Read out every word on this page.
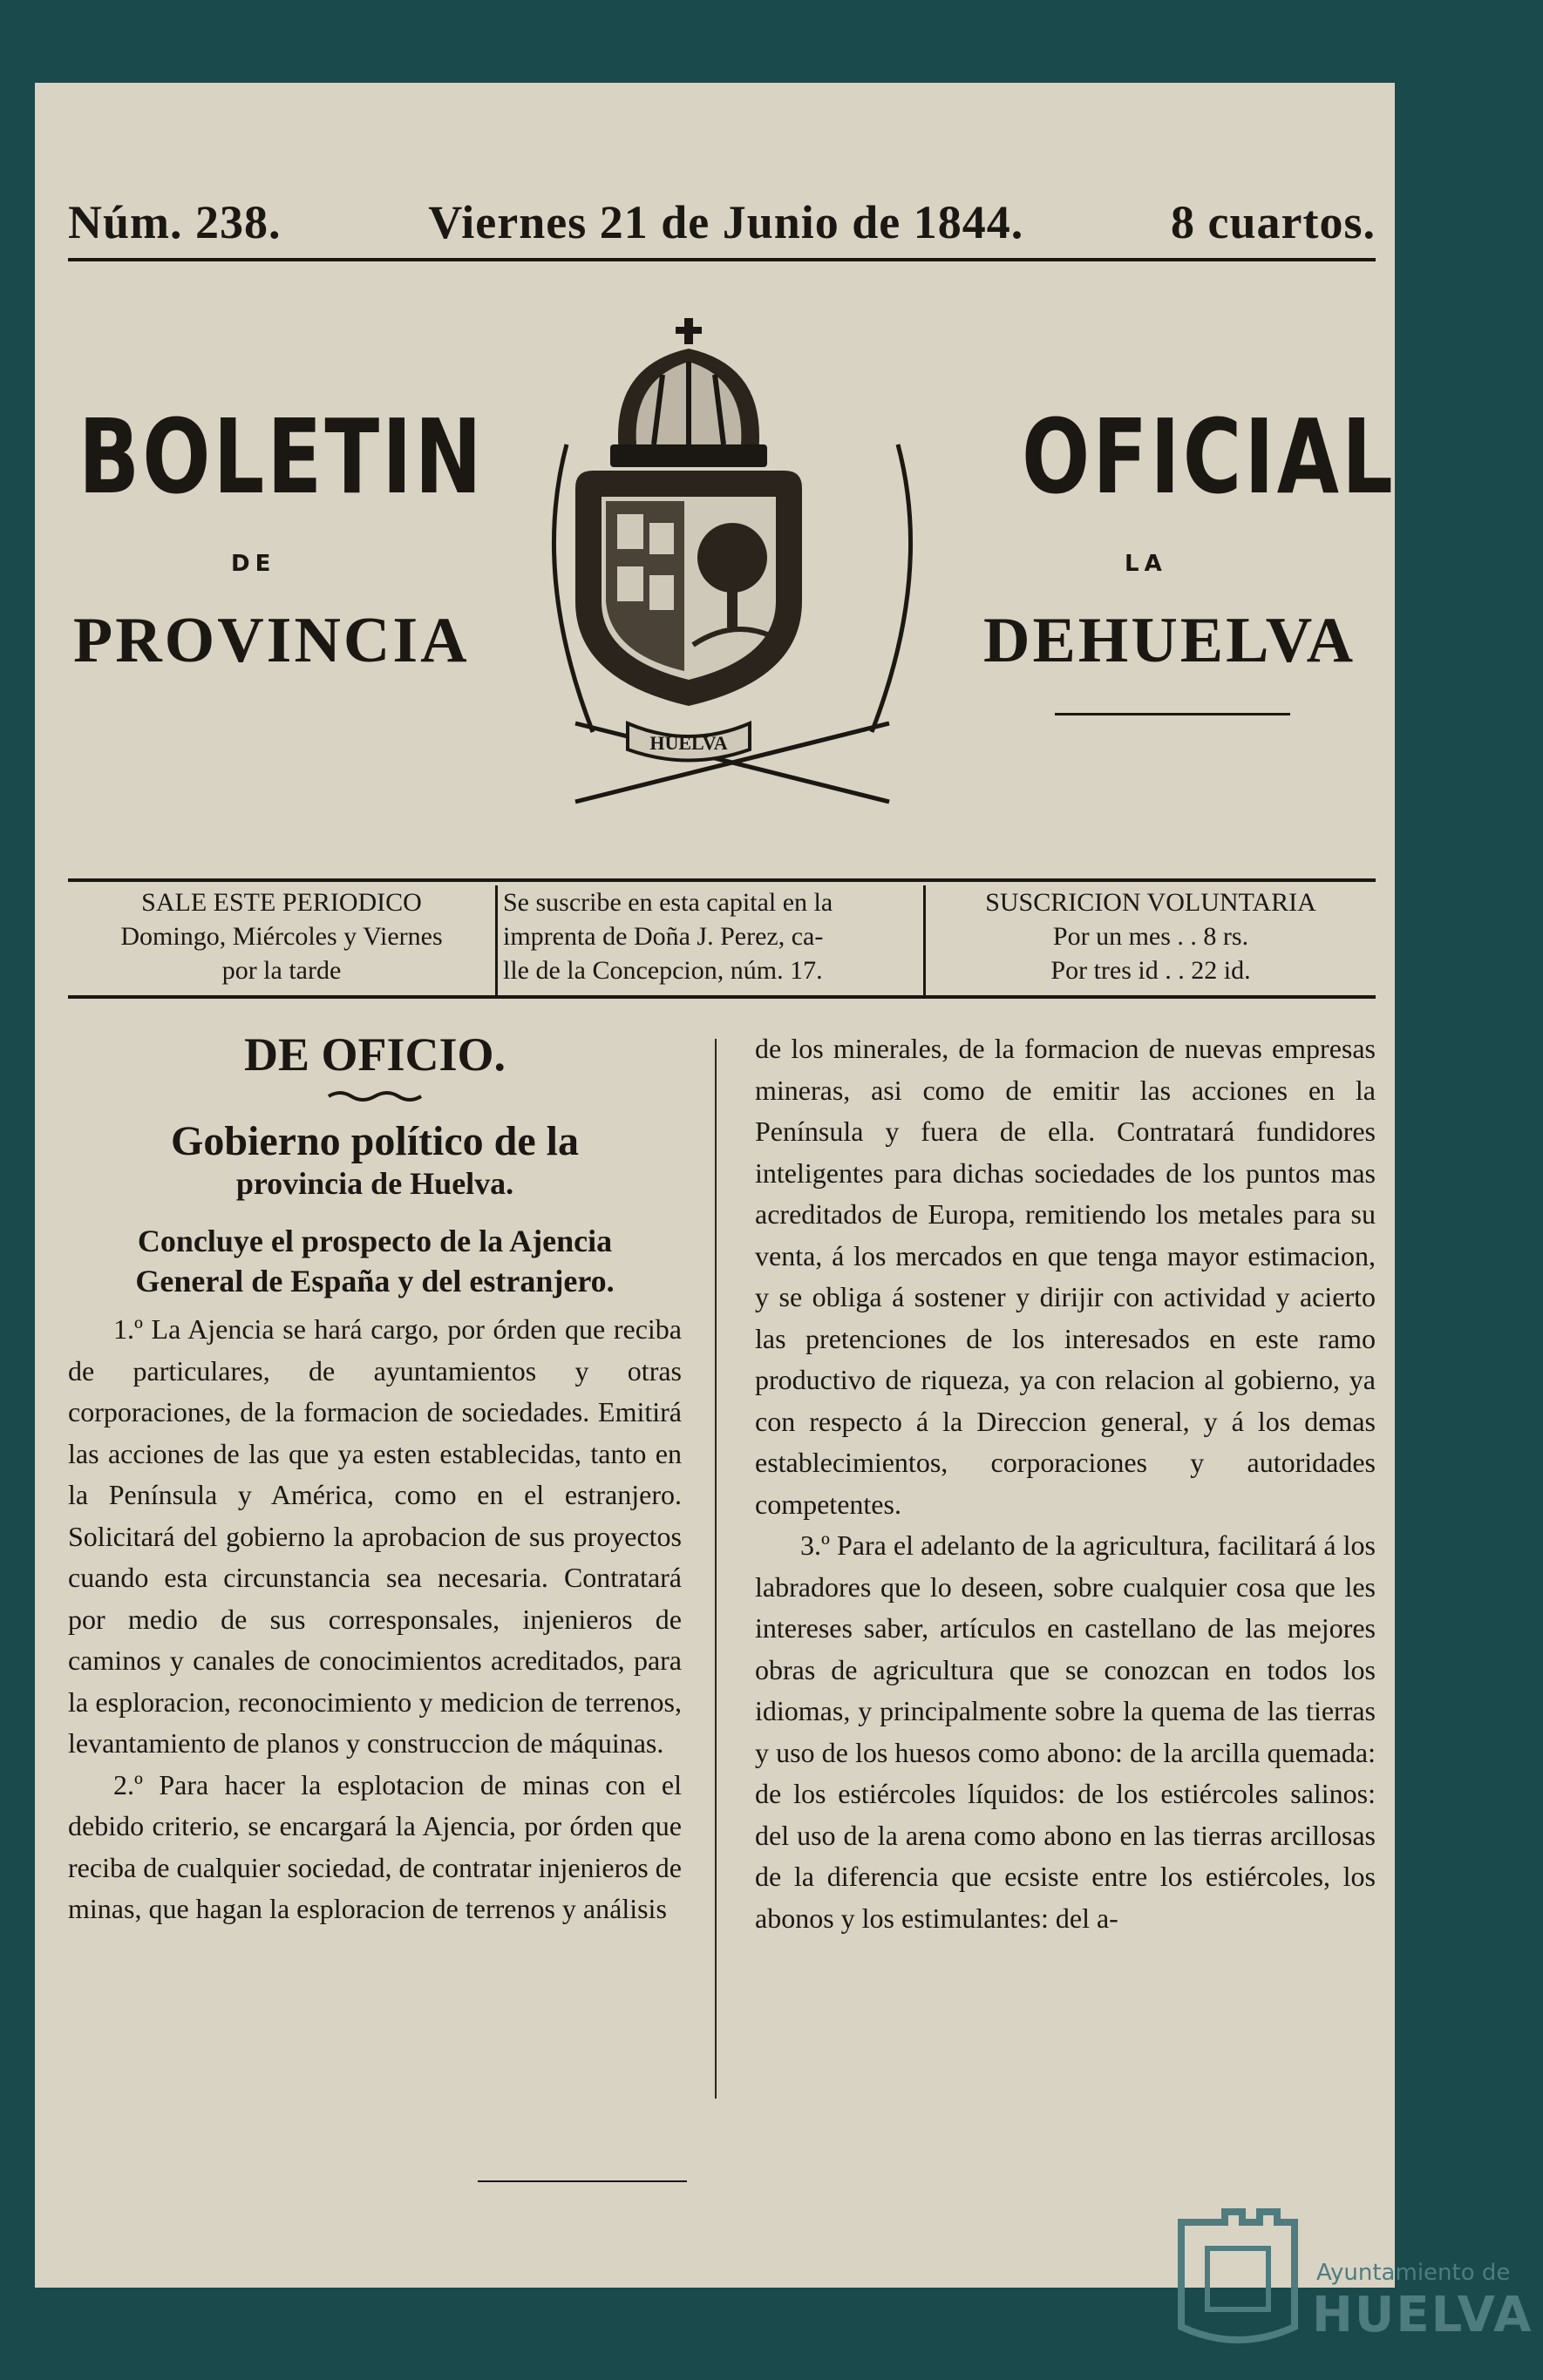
Núm. 238.	Viernes 21 de Junio de 1844.	8 cuartos.
BOLETIN	OFICIAL
DE	LA
PROVINCIA	DEHUELVA
HUELVA
SALE ESTE PERIODICO
Domingo, Miércoles y Viernes
por la tarde
Se suscribe en esta capital en la
imprenta de Doña J. Perez, ca-
lle de la Concepcion, núm. 17.
SUSCRICION VOLUNTARIA
Por un mes . . 8 rs.
Por tres id . . 22 id.

DE OFICIO.

Gobierno político de la

provincia de Huelva.

Concluye el prospecto de la Ajencia

General de España y del estranjero.

1.º La Ajencia se hará cargo, por órden que reciba de particulares, de ayuntamientos y otras corporaciones, de la formacion de sociedades. Emitirá las acciones de las que ya esten establecidas, tanto en la Península y América, como en el estranjero. Solicitará del gobierno la aprobacion de sus proyectos cuando esta circunstancia sea necesaria. Contratará por medio de sus corresponsales, injenieros de caminos y canales de conocimientos acreditados, para la esploracion, reconocimiento y medicion de terrenos, levantamiento de planos y construccion de máquinas.

2.º Para hacer la esplotacion de minas con el debido criterio, se encargará la Ajencia, por órden que reciba de cualquier sociedad, de contratar injenieros de minas, que hagan la esploracion de terrenos y análisis

de los minerales, de la formacion de nuevas empresas mineras, asi como de emitir las acciones en la Península y fuera de ella. Contratará fundidores inteligentes para dichas sociedades de los puntos mas acreditados de Europa, remitiendo los metales para su venta, á los mercados en que tenga mayor estimacion, y se obliga á sostener y dirijir con actividad y acierto las pretenciones de los interesados en este ramo productivo de riqueza, ya con relacion al gobierno, ya con respecto á la Direccion general, y á los demas establecimientos, corporaciones y autoridades competentes.

3.º Para el adelanto de la agricultura, facilitará á los labradores que lo deseen, sobre cualquier cosa que les intereses saber, artículos en castellano de las mejores obras de agricultura que se conozcan en todos los idiomas, y principalmente sobre la quema de las tierras y uso de los huesos como abono: de la arcilla quemada: de los estiércoles líquidos: de los estiércoles salinos: del uso de la arena como abono en las tierras arcillosas de la diferencia que ecsiste entre los estiércoles, los abonos y los estimulantes: del a-

Ayuntamiento de
HUELVA
